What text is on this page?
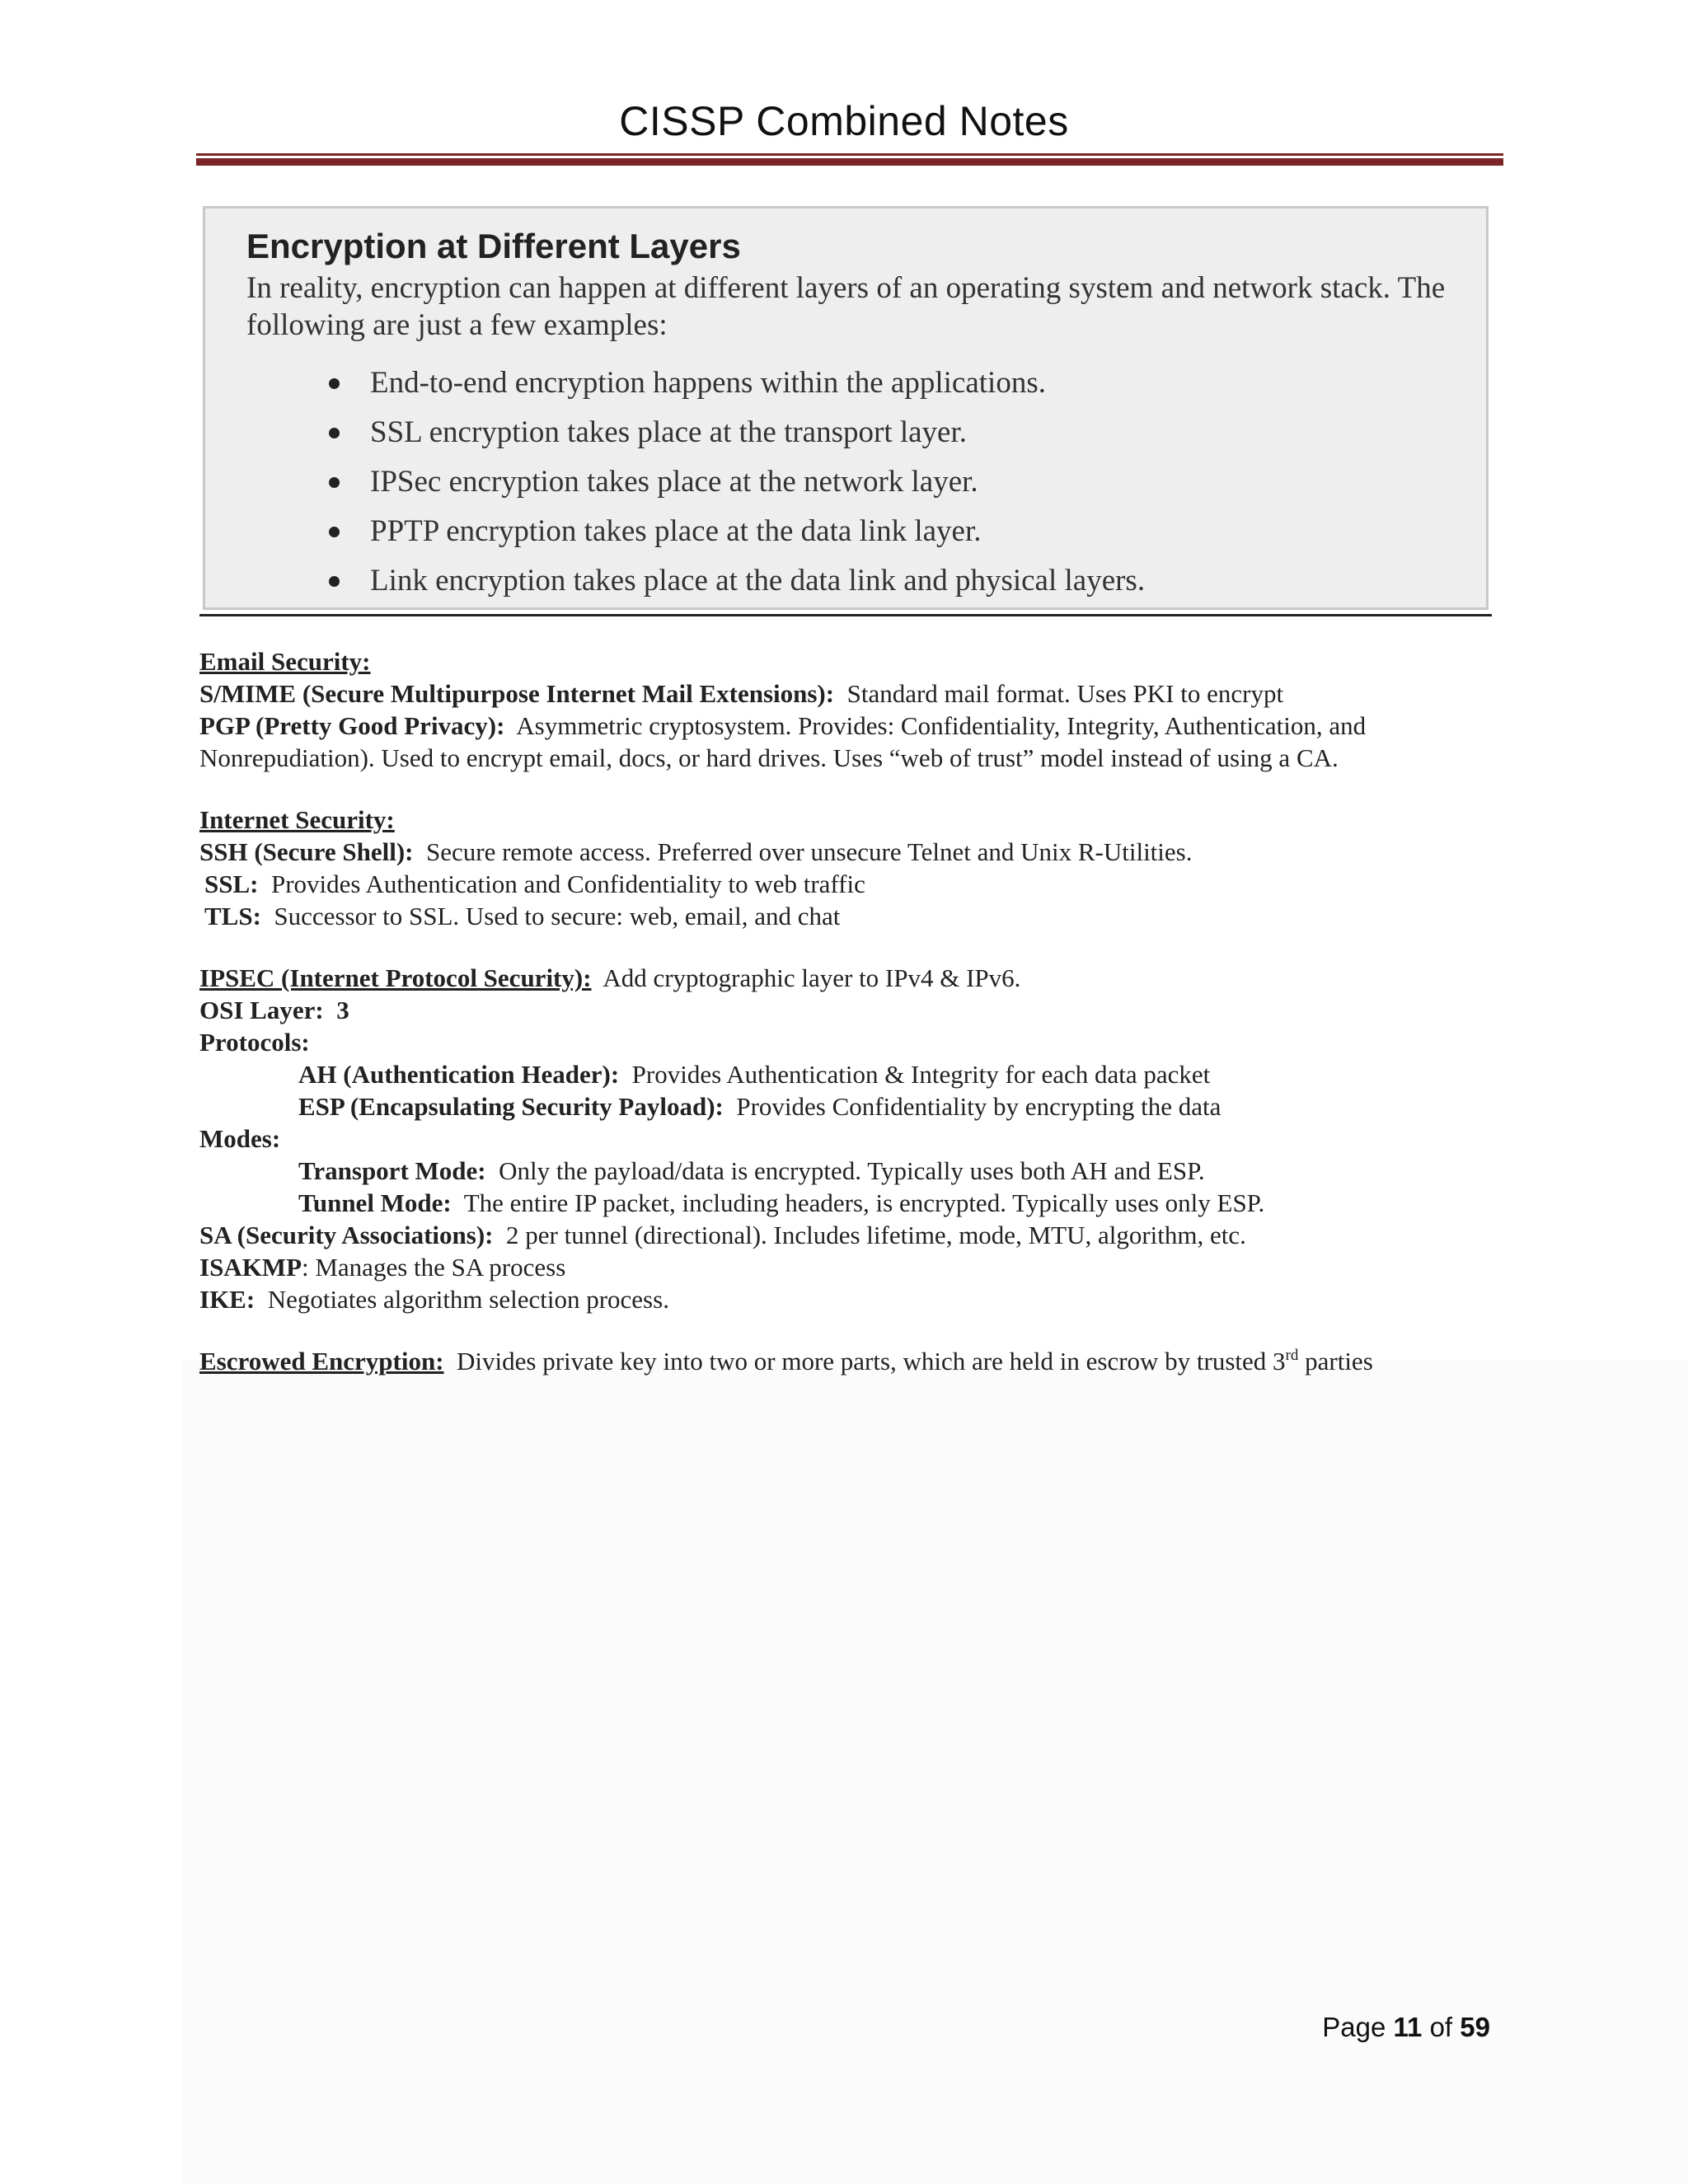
CISSP Combined Notes
Encryption at Different Layers
In reality, encryption can happen at different layers of an operating system and network stack. The following are just a few examples:
End-to-end encryption happens within the applications.
SSL encryption takes place at the transport layer.
IPSec encryption takes place at the network layer.
PPTP encryption takes place at the data link layer.
Link encryption takes place at the data link and physical layers.

Email Security:

S/MIME (Secure Multipurpose Internet Mail Extensions): Standard mail format. Uses PKI to encrypt

PGP (Pretty Good Privacy): Asymmetric cryptosystem. Provides: Confidentiality, Integrity, Authentication, and Nonrepudiation). Used to encrypt email, docs, or hard drives. Uses “web of trust” model instead of using a CA.

Internet Security:

SSH (Secure Shell): Secure remote access. Preferred over unsecure Telnet and Unix R-Utilities.

SSL: Provides Authentication and Confidentiality to web traffic

TLS: Successor to SSL. Used to secure: web, email, and chat

IPSEC (Internet Protocol Security): Add cryptographic layer to IPv4 & IPv6.

OSI Layer: 3

Protocols:

AH (Authentication Header): Provides Authentication & Integrity for each data packet

ESP (Encapsulating Security Payload): Provides Confidentiality by encrypting the data

Modes:

Transport Mode: Only the payload/data is encrypted. Typically uses both AH and ESP.

Tunnel Mode: The entire IP packet, including headers, is encrypted. Typically uses only ESP.

SA (Security Associations): 2 per tunnel (directional). Includes lifetime, mode, MTU, algorithm, etc.

ISAKMP: Manages the SA process

IKE: Negotiates algorithm selection process.

Escrowed Encryption: Divides private key into two or more parts, which are held in escrow by trusted 3rd parties

Page 11 of 59
